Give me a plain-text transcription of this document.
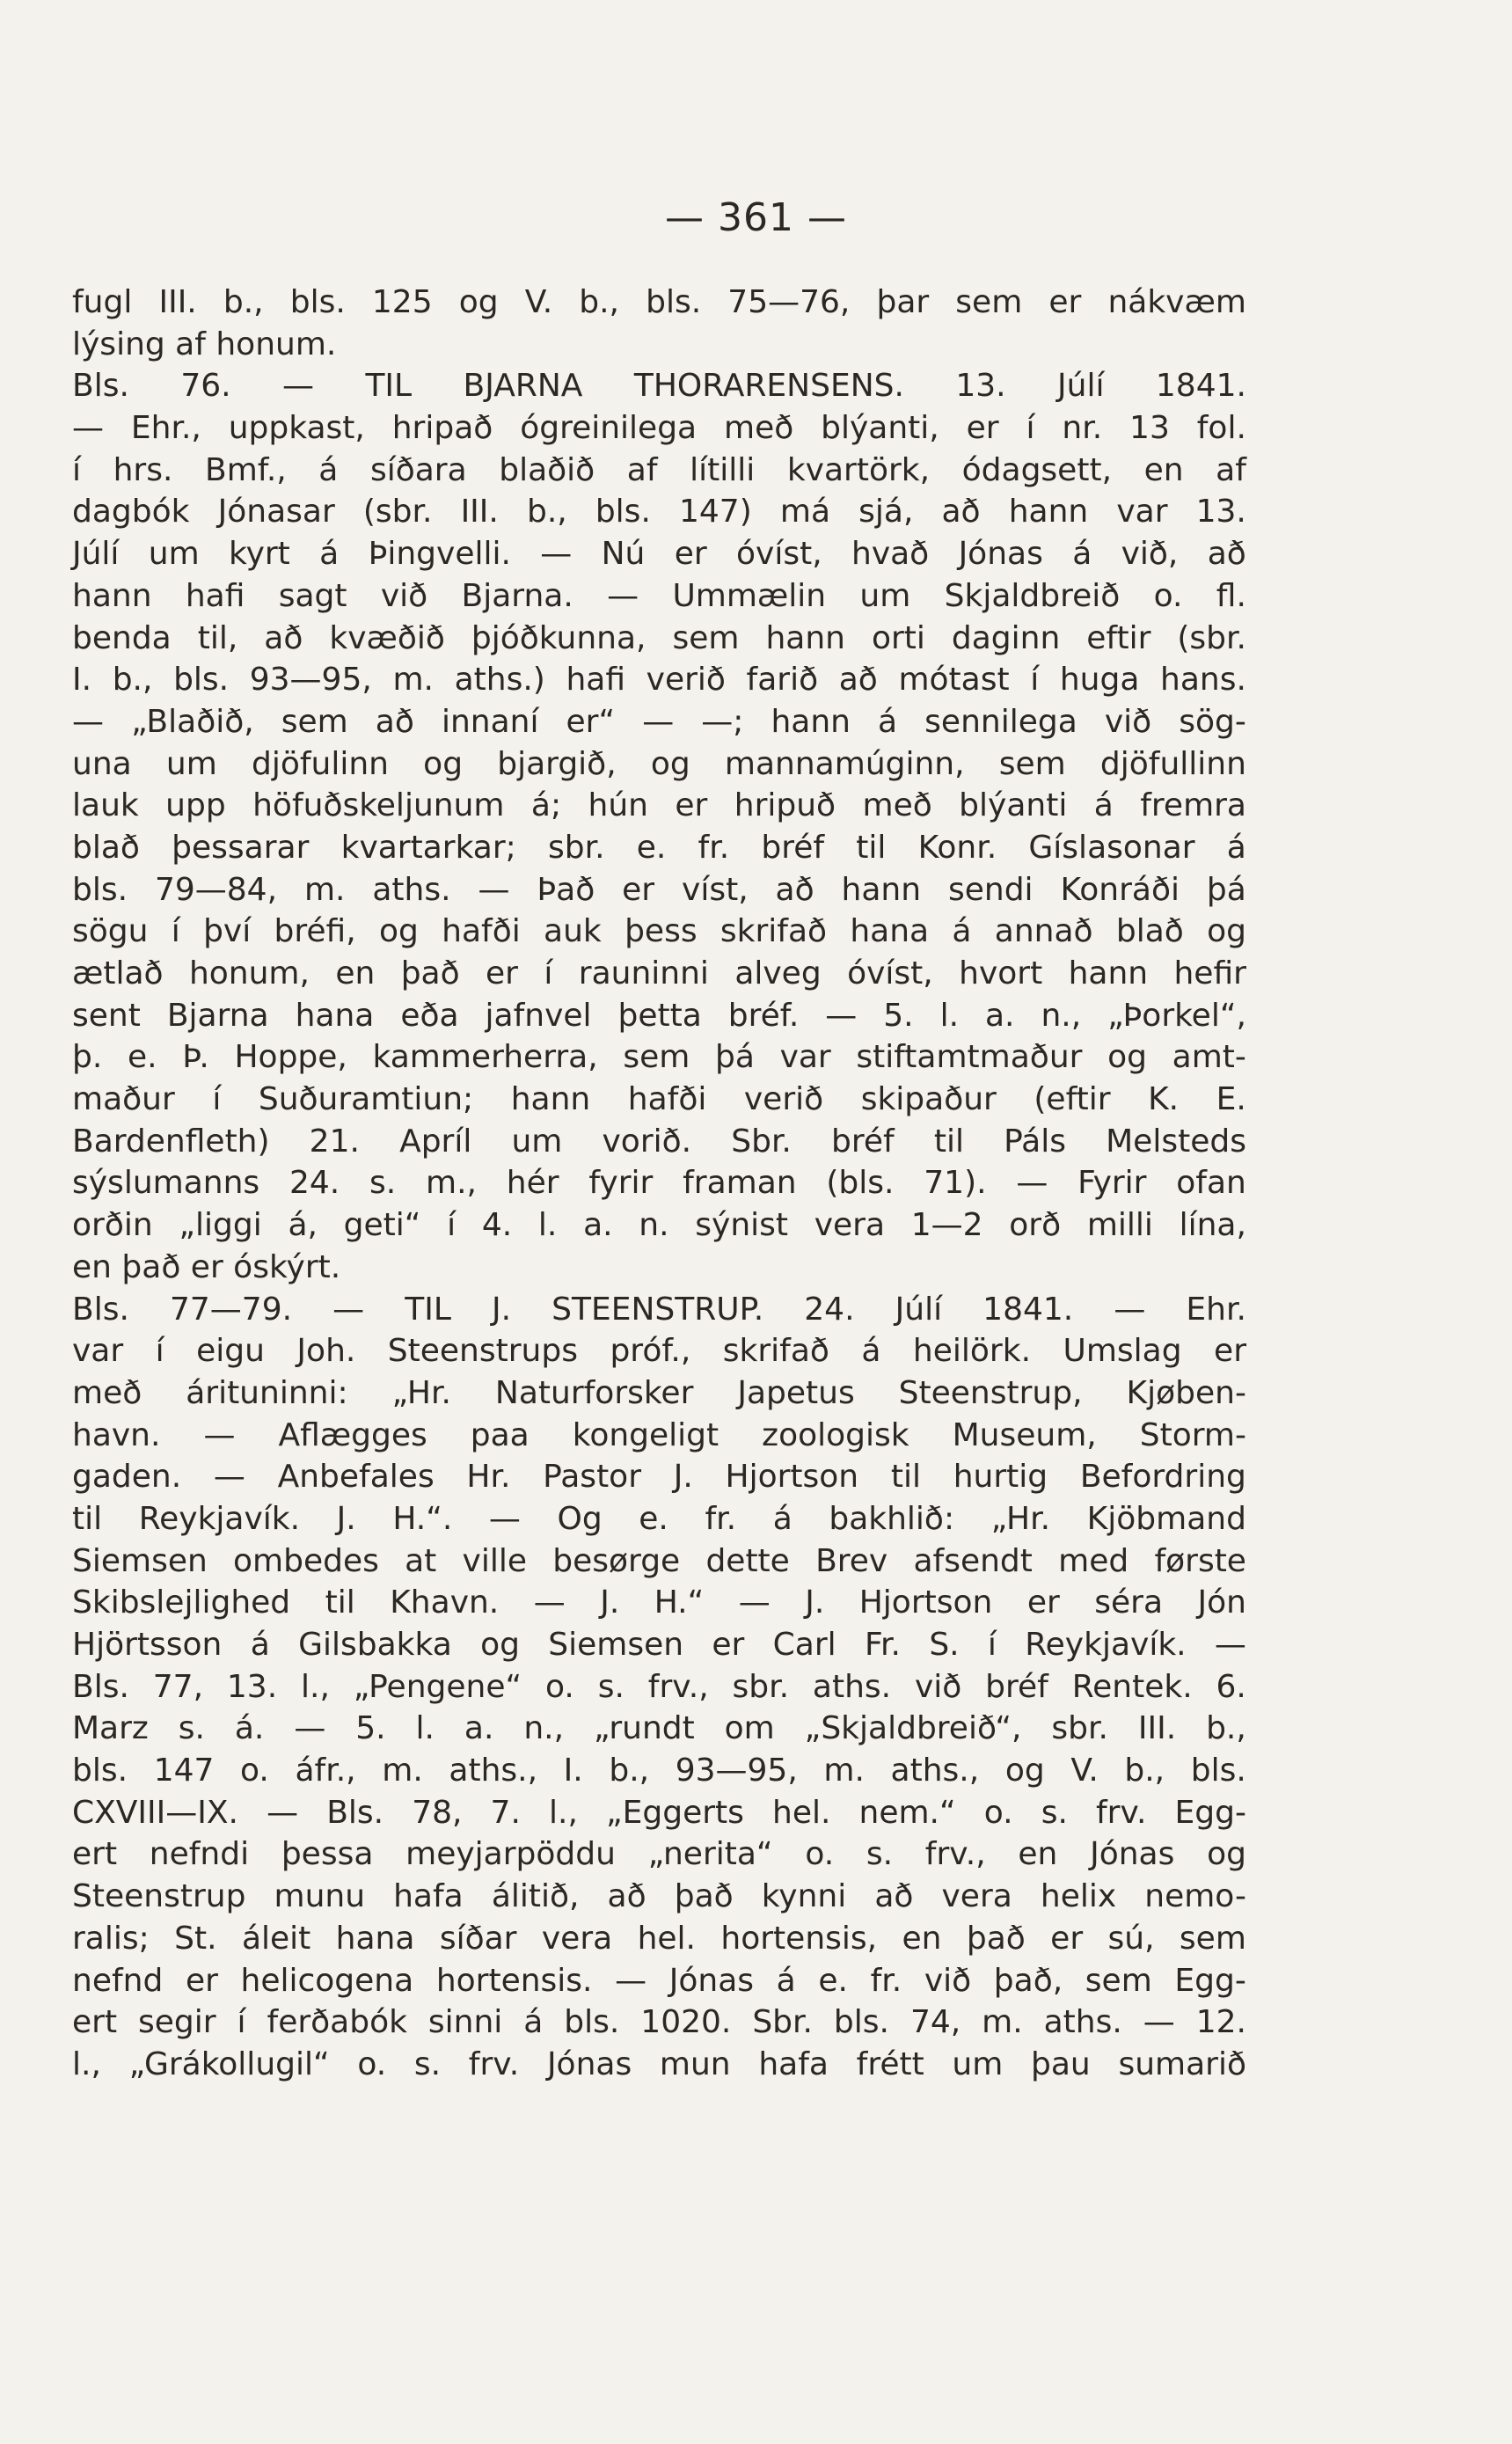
— 361 —
fugl III. b., bls. 125 og V. b., bls. 75—76, þar sem er nákvæm
lýsing af honum.
Bls. 76. — TIL BJARNA THORARENSENS. 13. Júlí 1841.
— Ehr., uppkast, hripað ógreinilega með blýanti, er í nr. 13 fol.
í hrs. Bmf., á síðara blaðið af lítilli kvartörk, ódagsett, en af
dagbók Jónasar (sbr. III. b., bls. 147) má sjá, að hann var 13.
Júlí um kyrt á Þingvelli. — Nú er óvíst, hvað Jónas á við, að
hann hafi sagt við Bjarna. — Ummælin um Skjaldbreið o. fl.
benda til, að kvæðið þjóðkunna, sem hann orti daginn eftir (sbr.
I. b., bls. 93—95, m. aths.) hafi verið farið að mótast í huga hans.
— „Blaðið, sem að innaní er“ — —; hann á sennilega við sög-
una um djöfulinn og bjargið, og mannamúginn, sem djöfullinn
lauk upp höfuðskeljunum á; hún er hripuð með blýanti á fremra
blað þessarar kvartarkar; sbr. e. fr. bréf til Konr. Gíslasonar á
bls. 79—84, m. aths. — Það er víst, að hann sendi Konráði þá
sögu í því bréfi, og hafði auk þess skrifað hana á annað blað og
ætlað honum, en það er í rauninni alveg óvíst, hvort hann hefir
sent Bjarna hana eða jafnvel þetta bréf. — 5. l. a. n., „Þorkel“,
þ. e. Þ. Hoppe, kammerherra, sem þá var stiftamtmaður og amt-
maður í Suðuramtiun; hann hafði verið skipaður (eftir K. E.
Bardenfleth) 21. Apríl um vorið. Sbr. bréf til Páls Melsteds
sýslumanns 24. s. m., hér fyrir framan (bls. 71). — Fyrir ofan
orðin „liggi á, geti“ í 4. l. a. n. sýnist vera 1—2 orð milli lína,
en það er óskýrt.
Bls. 77—79. — TIL J. STEENSTRUP. 24. Júlí 1841. — Ehr.
var í eigu Joh. Steenstrups próf., skrifað á heilörk. Umslag er
með árituninni: „Hr. Naturforsker Japetus Steenstrup, Kjøben-
havn. — Aflægges paa kongeligt zoologisk Museum, Storm-
gaden. — Anbefales Hr. Pastor J. Hjortson til hurtig Befordring
til Reykjavík. J. H.“. — Og e. fr. á bakhlið: „Hr. Kjöbmand
Siemsen ombedes at ville besørge dette Brev afsendt med første
Skibslejlighed til Khavn. — J. H.“ — J. Hjortson er séra Jón
Hjörtsson á Gilsbakka og Siemsen er Carl Fr. S. í Reykjavík. —
Bls. 77, 13. l., „Pengene“ o. s. frv., sbr. aths. við bréf Rentek. 6.
Marz s. á. — 5. l. a. n., „rundt om „Skjaldbreið“, sbr. III. b.,
bls. 147 o. áfr., m. aths., I. b., 93—95, m. aths., og V. b., bls.
CXVIII—IX. — Bls. 78, 7. l., „Eggerts hel. nem.“ o. s. frv. Egg-
ert nefndi þessa meyjarpöddu „nerita“ o. s. frv., en Jónas og
Steenstrup munu hafa álitið, að það kynni að vera helix nemo-
ralis; St. áleit hana síðar vera hel. hortensis, en það er sú, sem
nefnd er helicogena hortensis. — Jónas á e. fr. við það, sem Egg-
ert segir í ferðabók sinni á bls. 1020. Sbr. bls. 74, m. aths. — 12.
l., „Grákollugil“ o. s. frv. Jónas mun hafa frétt um þau sumarið
